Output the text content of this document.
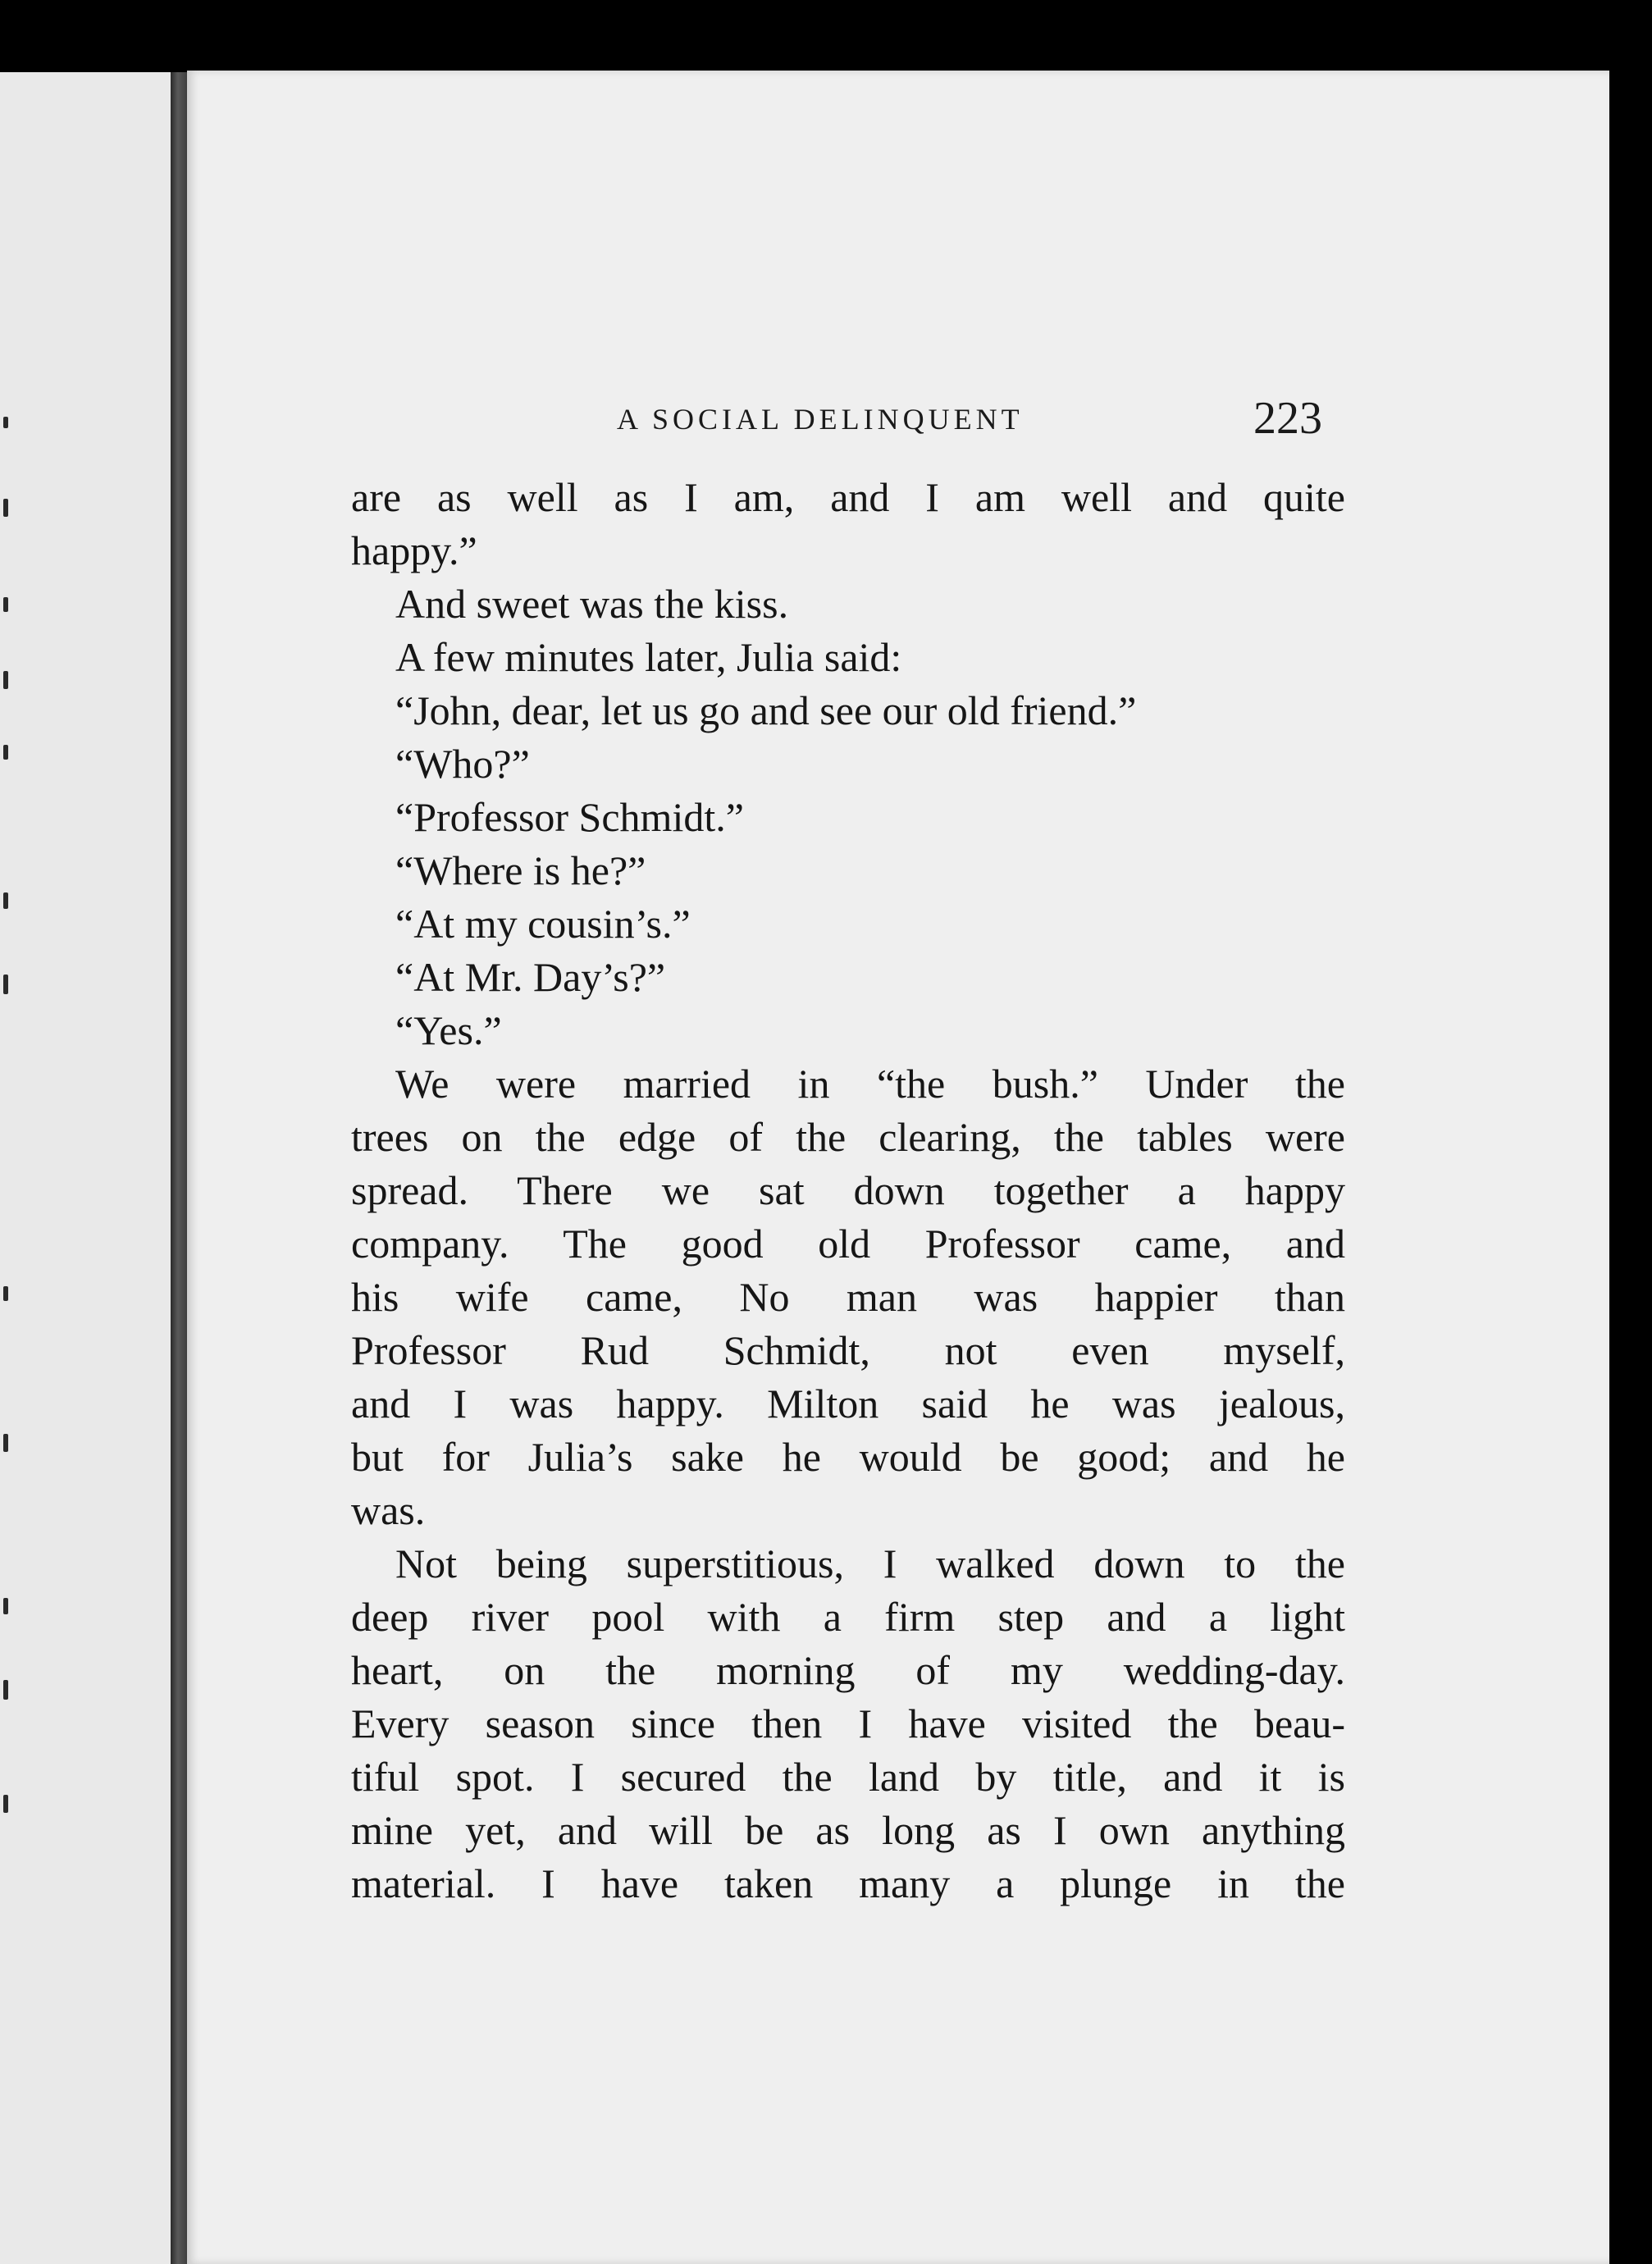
A SOCIAL DELINQUENT	223
are as well as I am, and I am well and quite
happy.”
And sweet was the kiss.
A few minutes later, Julia said:
“John, dear, let us go and see our old friend.”
“Who?”
“Professor Schmidt.”
“Where is he?”
“At my cousin’s.”
“At Mr. Day’s?”
“Yes.”
We were married in “the bush.” Under the
trees on the edge of the clearing, the tables were
spread. There we sat down together a happy
company. The good old Professor came, and
his wife came, No man was happier than
Professor Rud Schmidt, not even myself,
and I was happy. Milton said he was jealous,
but for Julia’s sake he would be good; and he
was.
Not being superstitious, I walked down to the
deep river pool with a firm step and a light
heart, on the morning of my wedding-day.
Every season since then I have visited the beau-
tiful spot. I secured the land by title, and it is
mine yet, and will be as long as I own anything
material. I have taken many a plunge in the
